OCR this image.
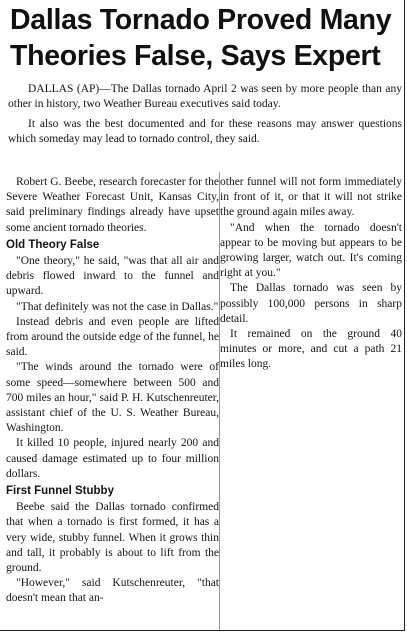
Dallas Tornado Proved Many
Theories False, Says Expert

DALLAS (AP)—The Dallas tornado April 2 was seen by more people than any other in history, two Weather Bureau executives said today.

It also was the best documented and for these reasons may answer questions which someday may lead to tornado control, they said.

Robert G. Beebe, research forecaster for the Severe Weather Forecast Unit, Kansas City, said preliminary findings already have upset some ancient tornado theories.

Old Theory False

"One theory," he said, "was that all air and debris flowed inward to the funnel and upward.

"That definitely was not the case in Dallas."

Instead debris and even people are lifted from around the outside edge of the funnel, he said.

"The winds around the tornado were of some speed—somewhere between 500 and 700 miles an hour," said P. H. Kutschenreuter, assistant chief of the U. S. Weather Bureau, Washington.

It killed 10 people, injured nearly 200 and caused damage estimated up to four million dollars.

First Funnel Stubby

Beebe said the Dallas tornado confirmed that when a tornado is first formed, it has a very wide, stubby funnel. When it grows thin and tall, it probably is about to lift from the ground.

"However," said Kutschenreuter, "that doesn't mean that an-

other funnel will not form immediately in front of it, or that it will not strike the ground again miles away.

"And when the tornado doesn't appear to be moving but appears to be growing larger, watch out. It's coming right at you."

The Dallas tornado was seen by possibly 100,000 persons in sharp detail.

It remained on the ground 40 minutes or more, and cut a path 21 miles long.
